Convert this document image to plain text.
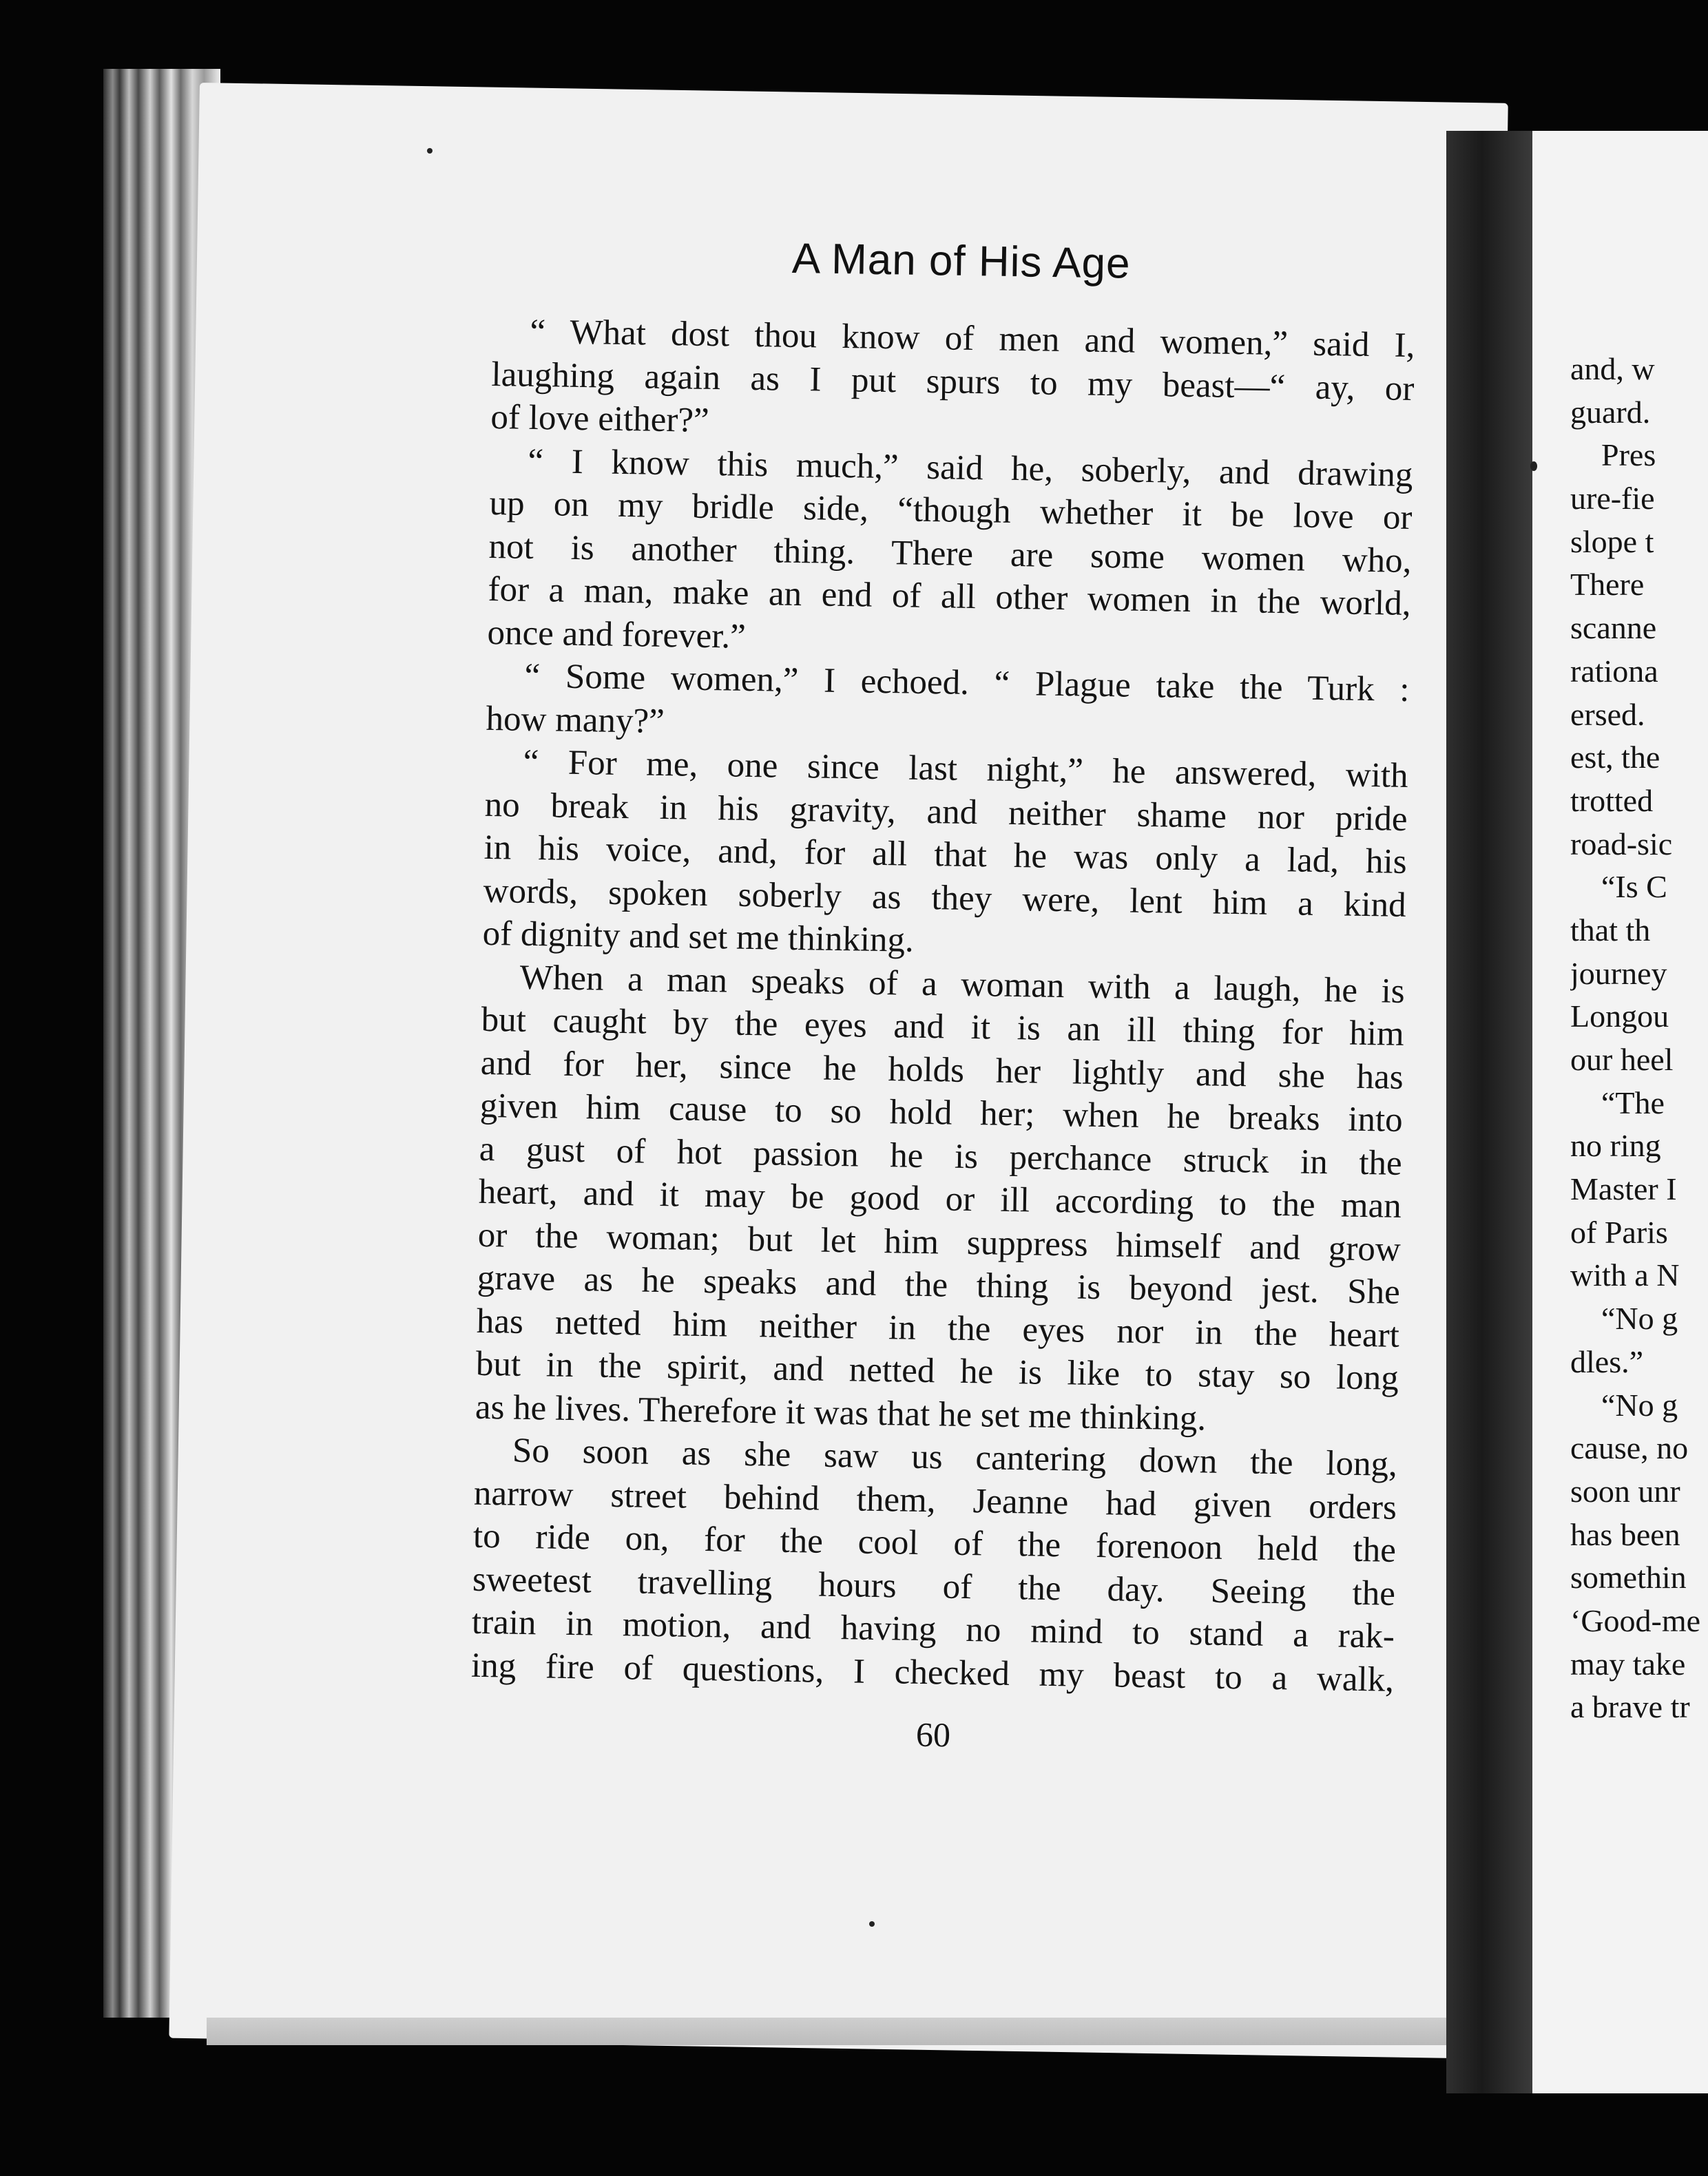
A Man of His Age
“ What dost thou know of men and women,” said I,
laughing again as I put spurs to my beast—“ ay, or
of love either?”
“ I know this much,” said he, soberly, and drawing
up on my bridle side, “though whether it be love or
not is another thing. There are some women who,
for a man, make an end of all other women in the world,
once and forever.”
“ Some women,” I echoed. “ Plague take the Turk :
how many?”
“ For me, one since last night,” he answered, with
no break in his gravity, and neither shame nor pride
in his voice, and, for all that he was only a lad, his
words, spoken soberly as they were, lent him a kind
of dignity and set me thinking.
When a man speaks of a woman with a laugh, he is
but caught by the eyes and it is an ill thing for him
and for her, since he holds her lightly and she has
given him cause to so hold her; when he breaks into
a gust of hot passion he is perchance struck in the
heart, and it may be good or ill according to the man
or the woman; but let him suppress himself and grow
grave as he speaks and the thing is beyond jest. She
has netted him neither in the eyes nor in the heart
but in the spirit, and netted he is like to stay so long
as he lives. Therefore it was that he set me thinking.
So soon as she saw us cantering down the long,
narrow street behind them, Jeanne had given orders
to ride on, for the cool of the forenoon held the
sweetest travelling hours of the day. Seeing the
train in motion, and having no mind to stand a rak-
ing fire of questions, I checked my beast to a walk,
60
and, w
guard.
Pres
ure-fie
slope t
There
scanne
rationa
ersed.
est, the
trotted
road-sic
“Is C
that th
journey
Longou
our heel
“The
no ring
Master I
of Paris
with a N
“No g
dles.”
“No g
cause, no
soon unr
has been
somethin
‘Good-me
may take
a brave tr
